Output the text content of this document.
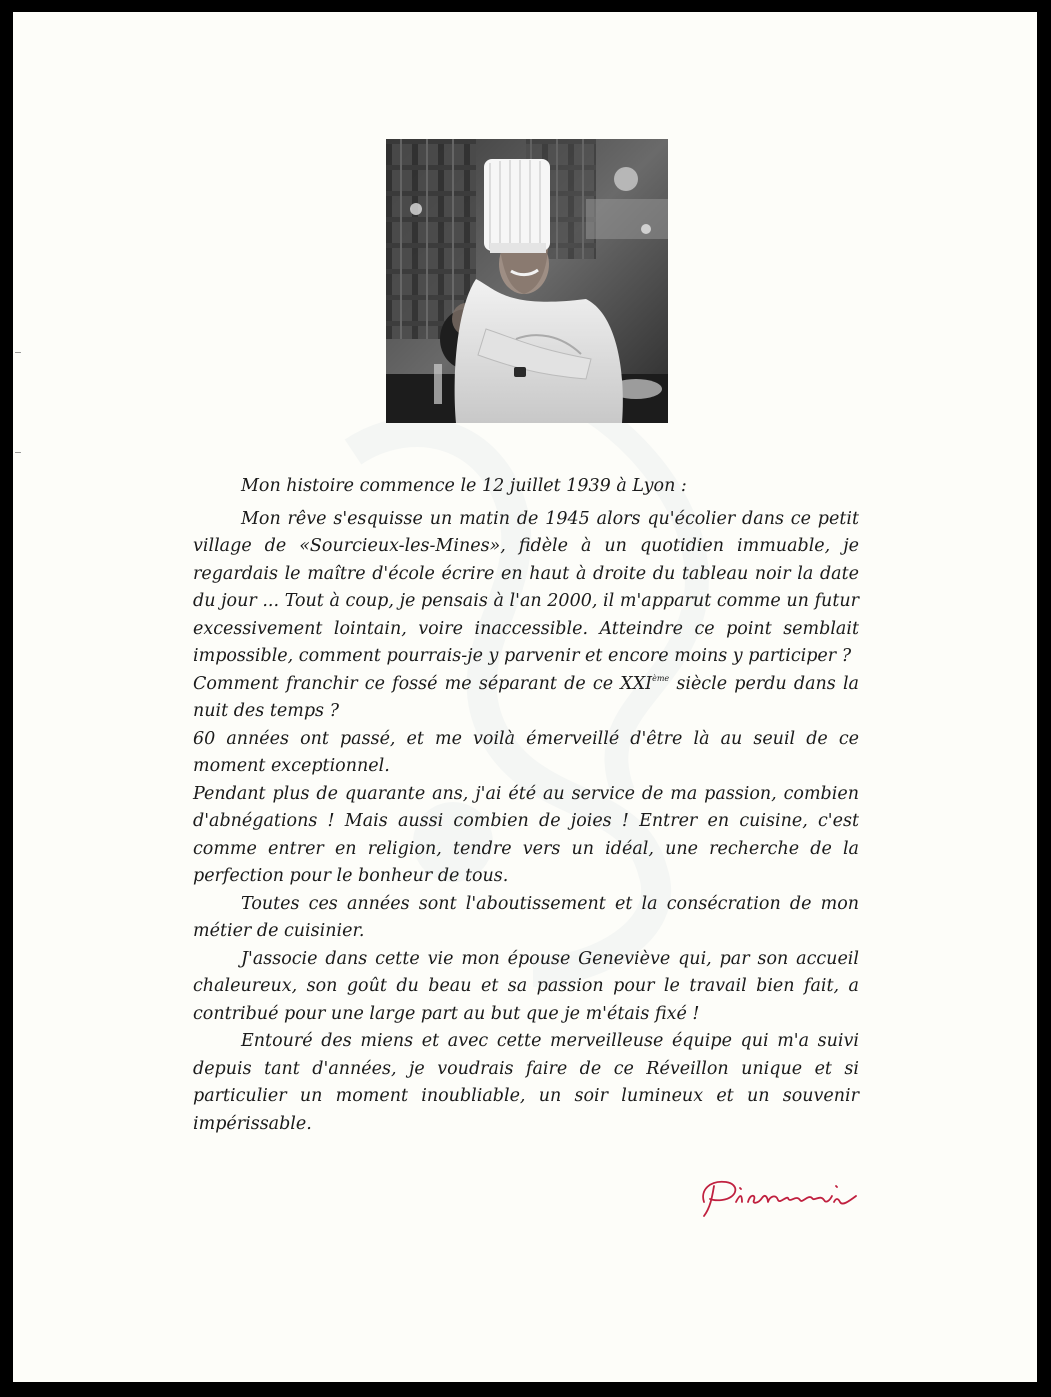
Mon histoire commence le 12 juillet 1939 à Lyon :

Mon rêve s'esquisse un matin de 1945 alors qu'écolier dans ce petit village de «Sourcieux-les-Mines», fidèle à un quotidien immuable, je regardais le maître d'école écrire en haut à droite du tableau noir la date du jour ... Tout à coup, je pensais à l'an 2000, il m'apparut comme un futur excessivement lointain, voire inaccessible. Atteindre ce point semblait impossible, comment pourrais-je y parvenir et encore moins y participer ?

Comment franchir ce fossé me séparant de ce XXIème siècle perdu dans la nuit des temps ?

60 années ont passé, et me voilà émerveillé d'être là au seuil de ce moment exceptionnel.

Pendant plus de quarante ans, j'ai été au service de ma passion, combien d'abnégations ! Mais aussi combien de joies ! Entrer en cuisine, c'est comme entrer en religion, tendre vers un idéal, une recherche de la perfection pour le bonheur de tous.

Toutes ces années sont l'aboutissement et la consécration de mon métier de cuisinier.

J'associe dans cette vie mon épouse Geneviève qui, par son accueil chaleureux, son goût du beau et sa passion pour le travail bien fait, a contribué pour une large part au but que je m'étais fixé !

Entouré des miens et avec cette merveilleuse équipe qui m'a suivi depuis tant d'années, je voudrais faire de ce Réveillon unique et si particulier un moment inoubliable, un soir lumineux et un souvenir impérissable.
